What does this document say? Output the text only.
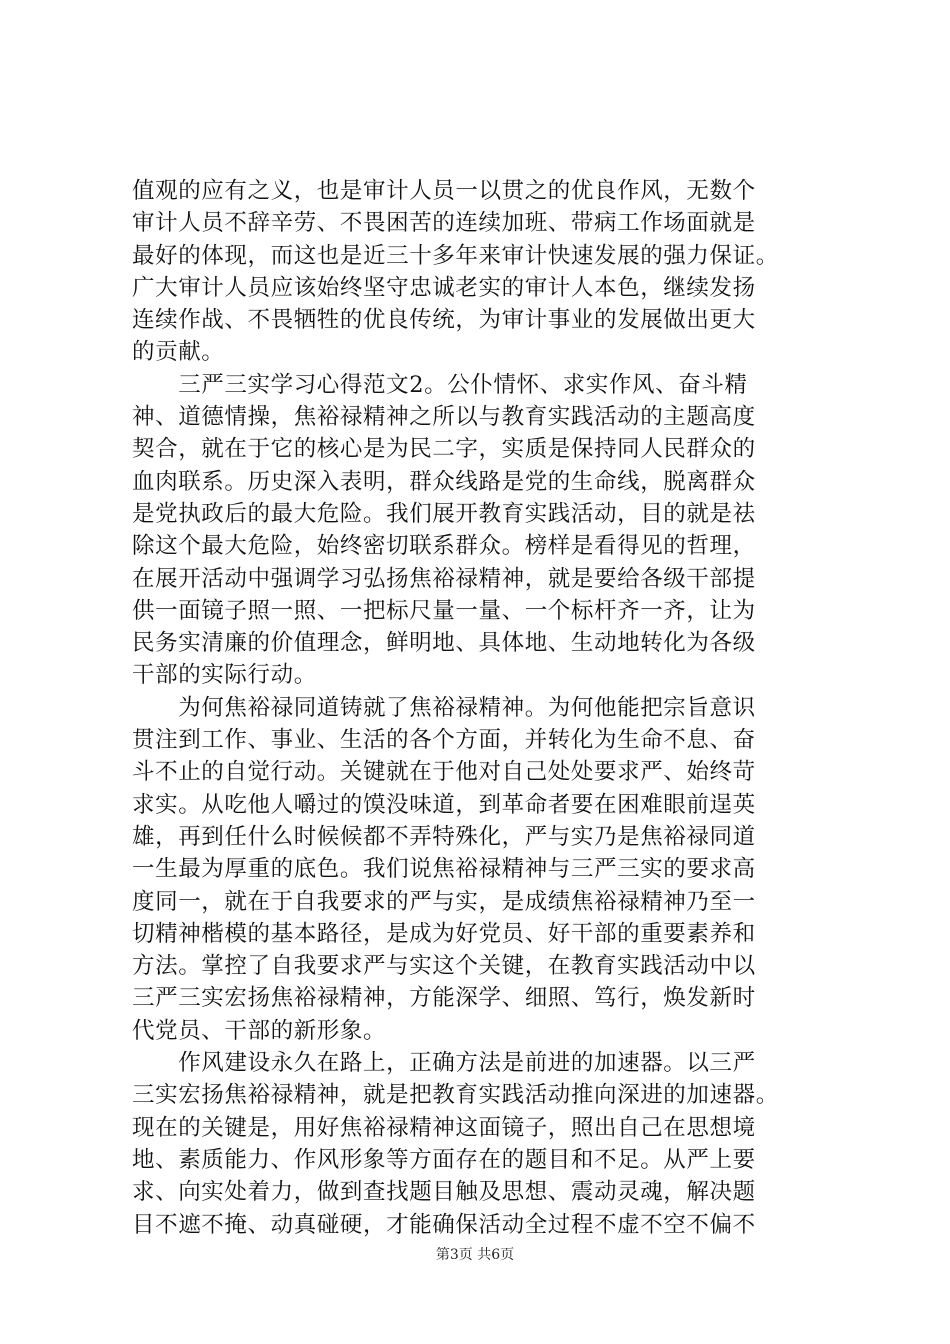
值观的应有之义，也是审计人员一以贯之的优良作风，无数个
审计人员不辞辛劳、不畏困苦的连续加班、带病工作场面就是
最好的体现，而这也是近三十多年来审计快速发展的强力保证。
广大审计人员应该始终坚守忠诚老实的审计人本色，继续发扬
连续作战、不畏牺牲的优良传统，为审计事业的发展做出更大
的贡献。
　　三严三实学习心得范文2。公仆情怀、求实作风、奋斗精
神、道德情操，焦裕禄精神之所以与教育实践活动的主题高度
契合，就在于它的核心是为民二字，实质是保持同人民群众的
血肉联系。历史深入表明，群众线路是党的生命线，脱离群众
是党执政后的最大危险。我们展开教育实践活动，目的就是祛
除这个最大危险，始终密切联系群众。榜样是看得见的哲理，
在展开活动中强调学习弘扬焦裕禄精神，就是要给各级干部提
供一面镜子照一照、一把标尺量一量、一个标杆齐一齐，让为
民务实清廉的价值理念，鲜明地、具体地、生动地转化为各级
干部的实际行动。
　　为何焦裕禄同道铸就了焦裕禄精神。为何他能把宗旨意识
贯注到工作、事业、生活的各个方面，并转化为生命不息、奋
斗不止的自觉行动。关键就在于他对自己处处要求严、始终苛
求实。从吃他人嚼过的馍没味道，到革命者要在困难眼前逞英
雄，再到任什么时候候都不弄特殊化，严与实乃是焦裕禄同道
一生最为厚重的底色。我们说焦裕禄精神与三严三实的要求高
度同一，就在于自我要求的严与实，是成绩焦裕禄精神乃至一
切精神楷模的基本路径，是成为好党员、好干部的重要素养和
方法。掌控了自我要求严与实这个关键，在教育实践活动中以
三严三实宏扬焦裕禄精神，方能深学、细照、笃行，焕发新时
代党员、干部的新形象。
　　作风建设永久在路上，正确方法是前进的加速器。以三严
三实宏扬焦裕禄精神，就是把教育实践活动推向深进的加速器。
现在的关键是，用好焦裕禄精神这面镜子，照出自己在思想境
地、素质能力、作风形象等方面存在的题目和不足。从严上要
求、向实处着力，做到查找题目触及思想、震动灵魂，解决题
目不遮不掩、动真碰硬，才能确保活动全过程不虚不空不偏不
第3页 共6页
